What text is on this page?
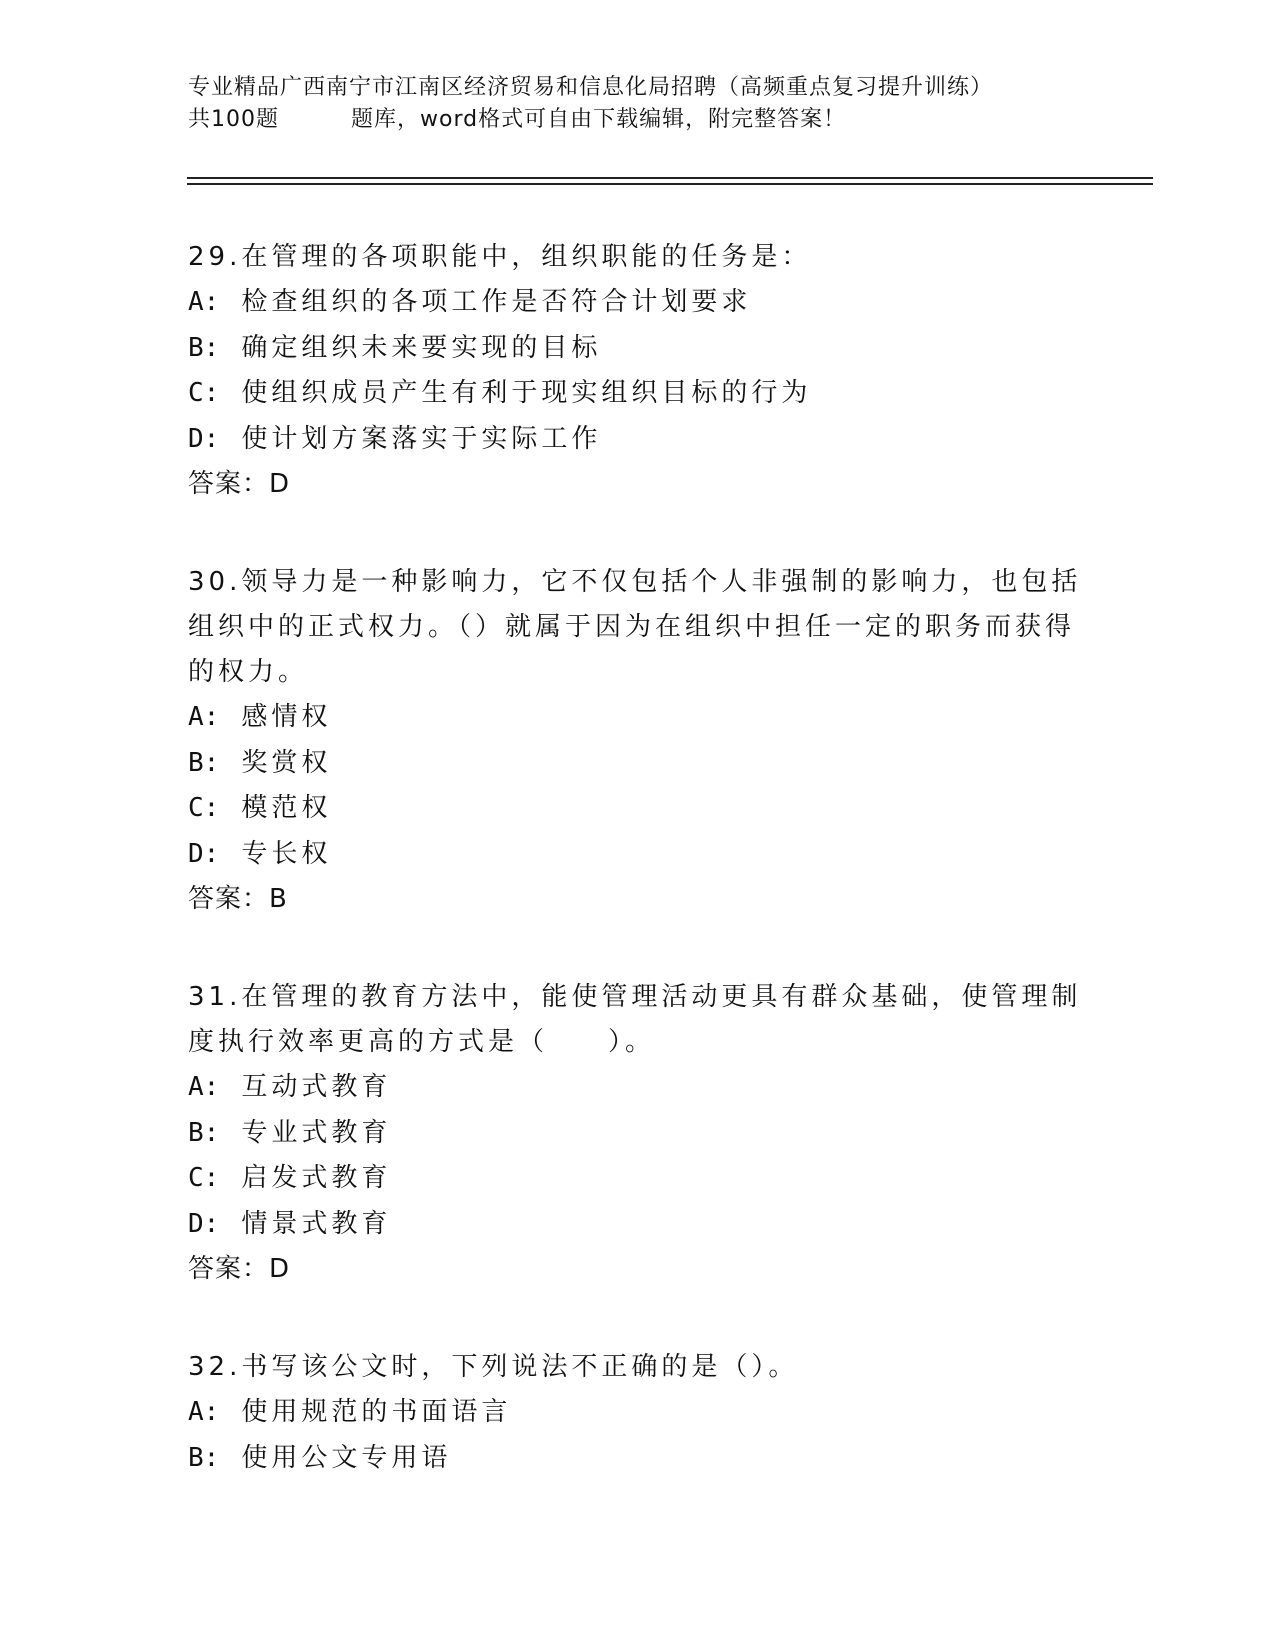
专业精品广西南宁市江南区经济贸易和信息化局招聘（高频重点复习提升训练）
共100题	题库，word格式可自由下载编辑，附完整答案！

29.在管理的各项职能中，组织职能的任务是：

A: 检查组织的各项工作是否符合计划要求

B: 确定组织未来要实现的目标

C: 使组织成员产生有利于现实组织目标的行为

D: 使计划方案落实于实际工作

答案：D

30.领导力是一种影响力，它不仅包括个人非强制的影响力，也包括组织中的正式权力。（）就属于因为在组织中担任一定的职务而获得的权力。

A: 感情权

B: 奖赏权

C: 模范权

D: 专长权

答案：B

31.在管理的教育方法中，能使管理活动更具有群众基础，使管理制度执行效率更高的方式是（　　）。

A: 互动式教育

B: 专业式教育

C: 启发式教育

D: 情景式教育

答案：D

32.书写该公文时，下列说法不正确的是（）。

A: 使用规范的书面语言

B: 使用公文专用语
